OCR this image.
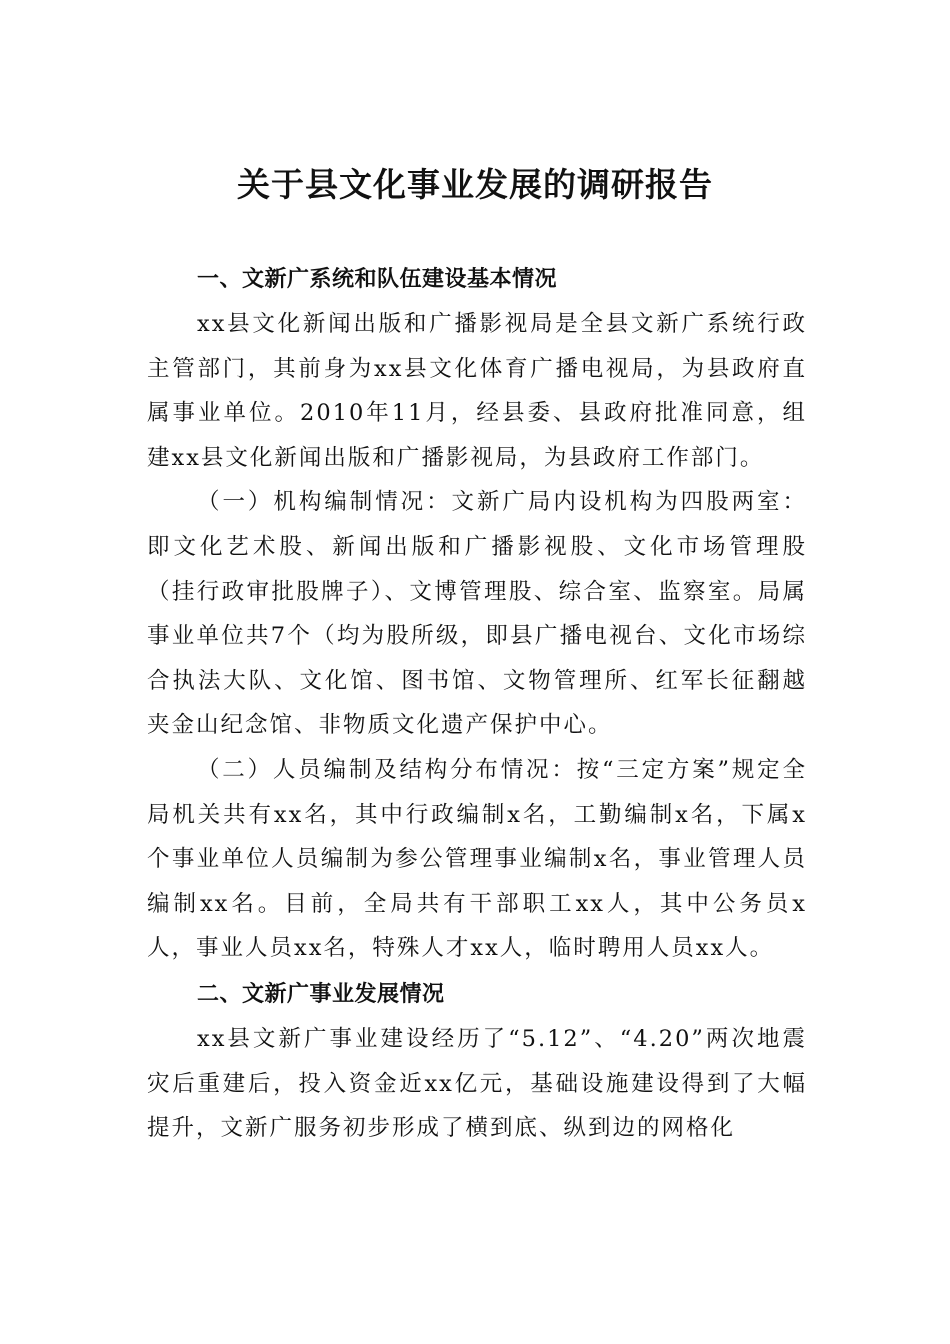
关于县文化事业发展的调研报告

一、文新广系统和队伍建设基本情况

xx县文化新闻出版和广播影视局是全县文新广系统行政主管部门，其前身为xx县文化体育广播电视局，为县政府直属事业单位。2010年11月，经县委、县政府批准同意，组建xx县文化新闻出版和广播影视局，为县政府工作部门。

（一）机构编制情况：文新广局内设机构为四股两室：即文化艺术股、新闻出版和广播影视股、文化市场管理股（挂行政审批股牌子）、文博管理股、综合室、监察室。局属事业单位共7个（均为股所级，即县广播电视台、文化市场综合执法大队、文化馆、图书馆、文物管理所、红军长征翻越夹金山纪念馆、非物质文化遗产保护中心。

（二）人员编制及结构分布情况：按“三定方案”规定全局机关共有xx名，其中行政编制x名，工勤编制x名，下属x个事业单位人员编制为参公管理事业编制x名，事业管理人员编制xx名。目前，全局共有干部职工xx人，其中公务员x人，事业人员xx名，特殊人才xx人，临时聘用人员xx人。

二、文新广事业发展情况

xx县文新广事业建设经历了“5.12”、“4.20”两次地震灾后重建后，投入资金近xx亿元，基础设施建设得到了大幅提升，文新广服务初步形成了横到底、纵到边的网格化
